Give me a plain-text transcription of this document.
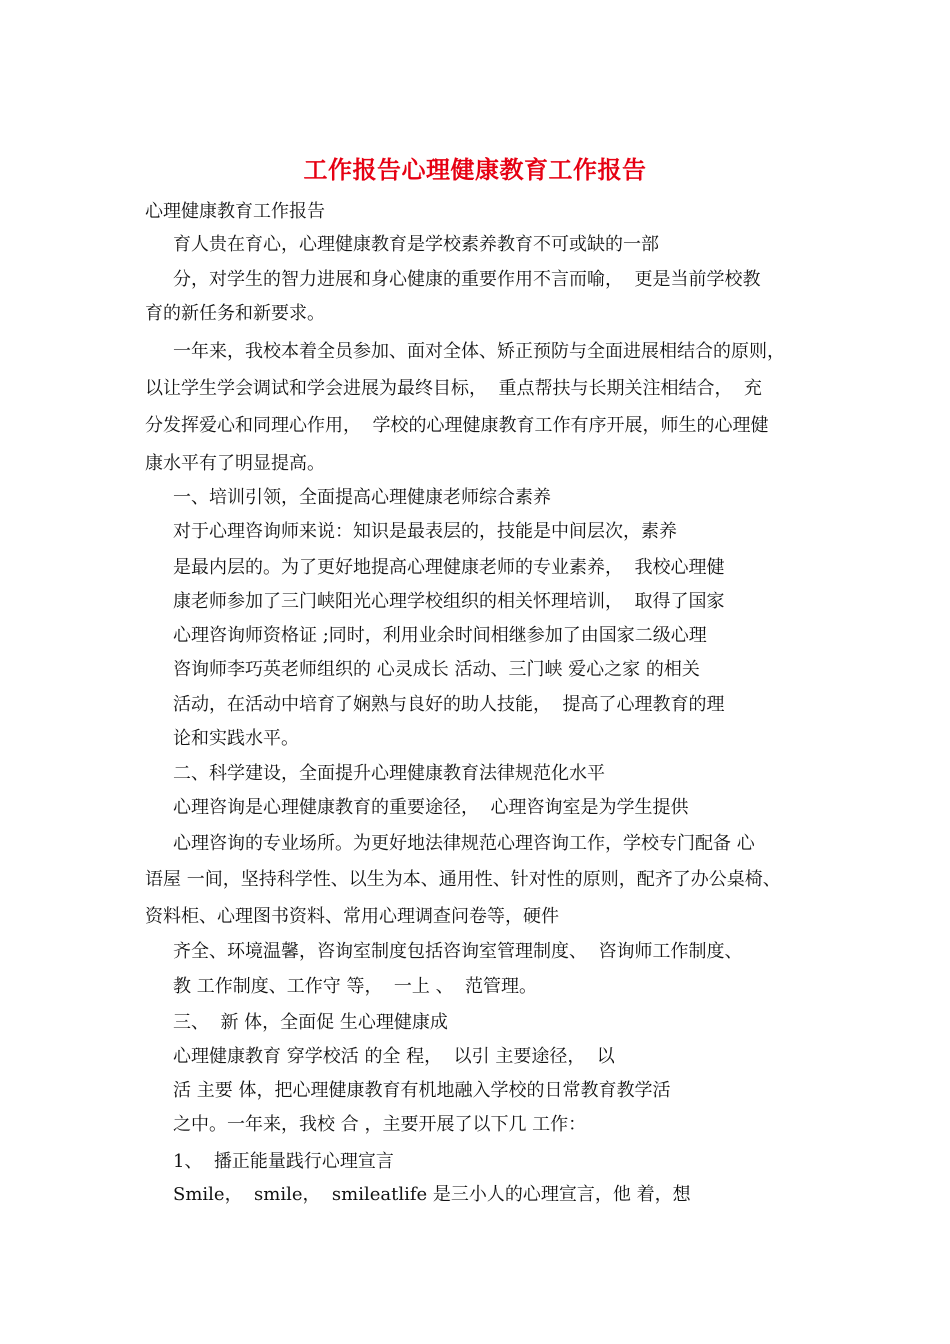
工作报告心理健康教育工作报告
心理健康教育工作报告
育人贵在育心，心理健康教育是学校素养教育不可或缺的一部
分，对学生的智力进展和身心健康的重要作用不言而喻，  更是当前学校教
育的新任务和新要求。
一年来，我校本着全员参加、面对全体、矫正预防与全面进展相结合的原则，
以让学生学会调试和学会进展为最终目标，  重点帮扶与长期关注相结合，  充
分发挥爱心和同理心作用，  学校的心理健康教育工作有序开展，师生的心理健
康水平有了明显提高。
一、培训引领，全面提高心理健康老师综合素养
对于心理咨询师来说：知识是最表层的，技能是中间层次，素养
是最内层的。为了更好地提高心理健康老师的专业素养，  我校心理健
康老师参加了三门峡阳光心理学校组织的相关怀理培训，  取得了国家
心理咨询师资格证 ;同时，利用业余时间相继参加了由国家二级心理
咨询师李巧英老师组织的 心灵成长 活动、三门峡 爱心之家 的相关
活动，在活动中培育了娴熟与良好的助人技能，  提高了心理教育的理
论和实践水平。
二、科学建设，全面提升心理健康教育法律规范化水平
心理咨询是心理健康教育的重要途径，  心理咨询室是为学生提供
心理咨询的专业场所。为更好地法律规范心理咨询工作，学校专门配备 心
语屋 一间，坚持科学性、以生为本、通用性、针对性的原则，配齐了办公桌椅、
资料柜、心理图书资料、常用心理调查问卷等，硬件
齐全、环境温馨，咨询室制度包括咨询室管理制度、  咨询师工作制度、
教 工作制度、工作守 等，  一上 、  范管理。
三、  新 体，全面促 生心理健康成
心理健康教育 穿学校活 的全 程，  以引 主要途径，  以
活 主要 体，把心理健康教育有机地融入学校的日常教育教学活
之中。一年来，我校 合 ，主要开展了以下几 工作：
1、  播正能量践行心理宣言
Smile，  smile，  smileatlife 是三小人的心理宣言，他 着，想
